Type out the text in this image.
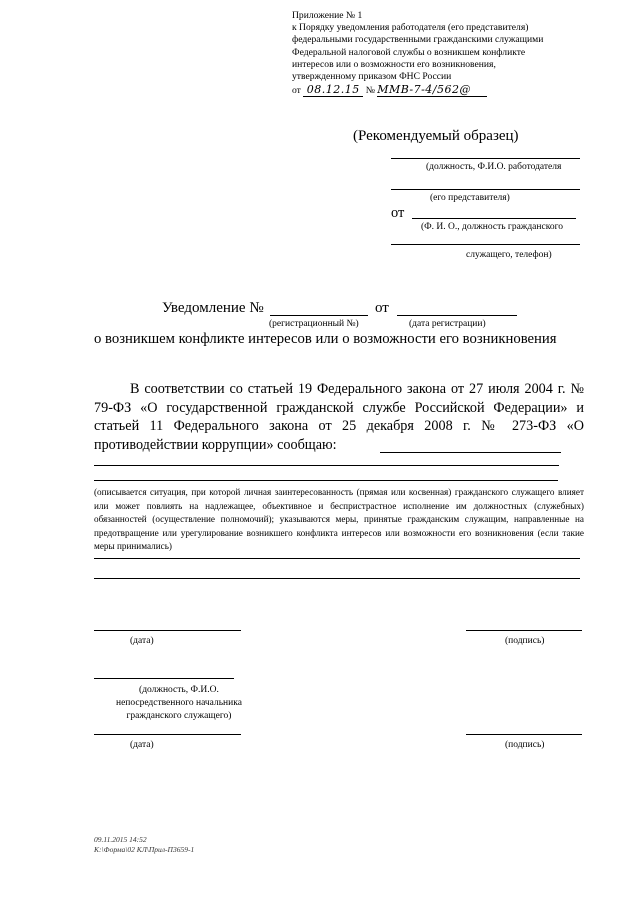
Приложение № 1
к Порядку уведомления работодателя (его представителя)
федеральными государственными гражданскими служащими
Федеральной налоговой службы о возникшем конфликте
интересов или о возможности его возникновения,
утвержденному приказом ФНС России
от 08.12.15 № ММВ-7-4/562@
(Рекомендуемый образец)
(должность, Ф.И.О. работодателя
(его представителя)
от
(Ф. И. О., должность гражданского
служащего, телефон)
Уведомление №	от
(регистрационный №)	(дата регистрации)
о возникшем конфликте интересов или о возможности его возникновения
В соответствии со статьей 19 Федерального закона от 27 июля 2004 г. № 79-ФЗ «О государственной гражданской службе Российской Федерации» и статьей 11 Федерального закона от 25 декабря 2008 г. № 273-ФЗ «О противодействии коррупции» сообщаю:
(описывается ситуация, при которой личная заинтересованность (прямая или косвенная) гражданского служащего влияет или может повлиять на надлежащее, объективное и беспристрастное исполнение им должностных (служебных) обязанностей (осуществление полномочий); указываются меры, принятые гражданским служащим, направленные на предотвращение или урегулирование возникшего конфликта интересов или возможности его возникновения (если такие меры принимались)
(дата)	(подпись)
(должность, Ф.И.О.
непосредственного начальника
гражданского служащего)
(дата)	(подпись)
09.11.2015 14:52
К:\Форма\02 КЛ\Прил-П3659-1
